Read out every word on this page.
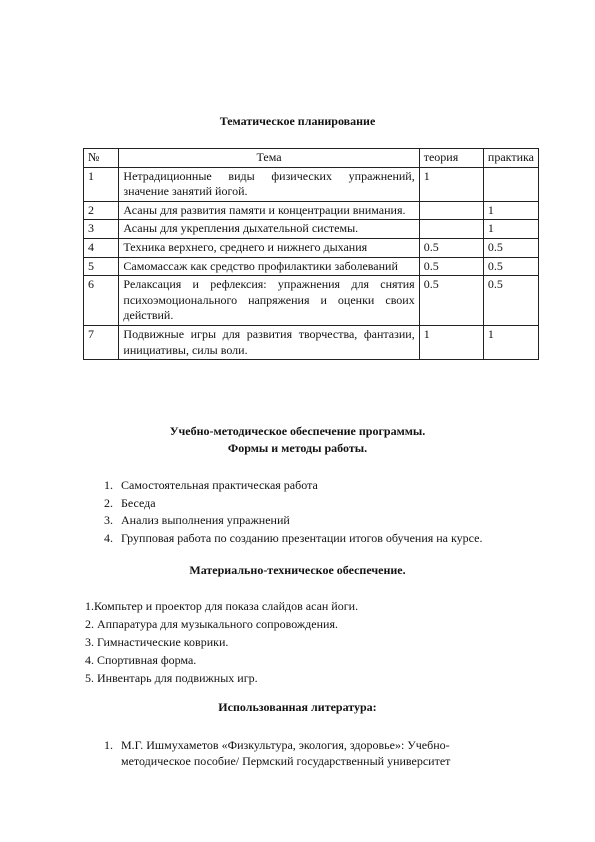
Тематическое планирование
№	Тема	теория	практика
1	Нетрадиционные виды физических упражнений, значение занятий йогой.	1	
2	Асаны для развития памяти и концентрации внимания.		1
3	Асаны для укрепления дыхательной системы.		1
4	Техника верхнего, среднего и нижнего дыхания	0.5	0.5
5	Самомассаж как средство профилактики заболеваний	0.5	0.5
6	Релаксация и рефлексия: упражнения для снятия психоэмоционального напряжения и оценки своих действий.	0.5	0.5
7	Подвижные игры для развития творчества, фантазии, инициативы, силы воли.	1	1
Учебно-методическое обеспечение программы.
Формы и методы работы.
1. Самостоятельная практическая работа
2. Беседа
3. Анализ выполнения упражнений
4. Групповая работа по созданию презентации итогов обучения на курсе.
Материально-техническое обеспечение.
1.Компьтер и проектор для показа слайдов асан йоги.
2. Аппаратура для музыкального сопровождения.
3. Гимнастические коврики.
4. Спортивная форма.
5. Инвентарь для подвижных игр.
Использованная литература:
1. М.Г. Ишмухаметов «Физкультура, экология, здоровье»: Учебно-
методическое пособие/ Пермский государственный университет
